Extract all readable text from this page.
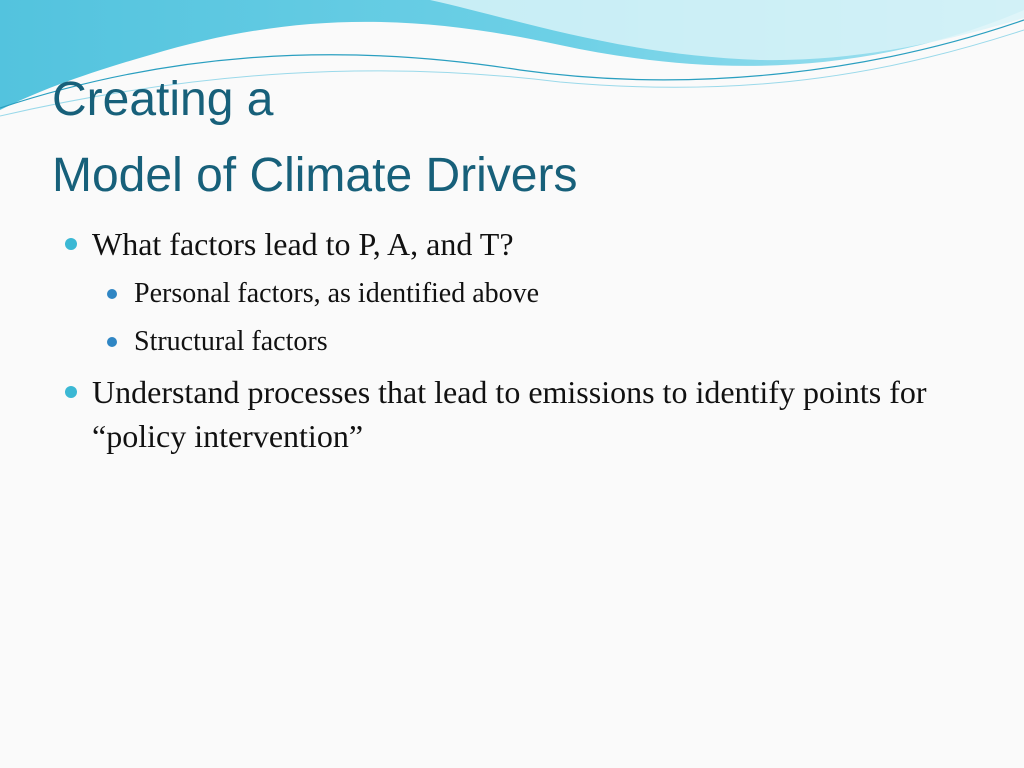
Creating a
Model of Climate Drivers
What factors lead to P, A, and T?
Personal factors, as identified above
Structural factors
Understand processes that lead to emissions to identify points for “policy intervention”
